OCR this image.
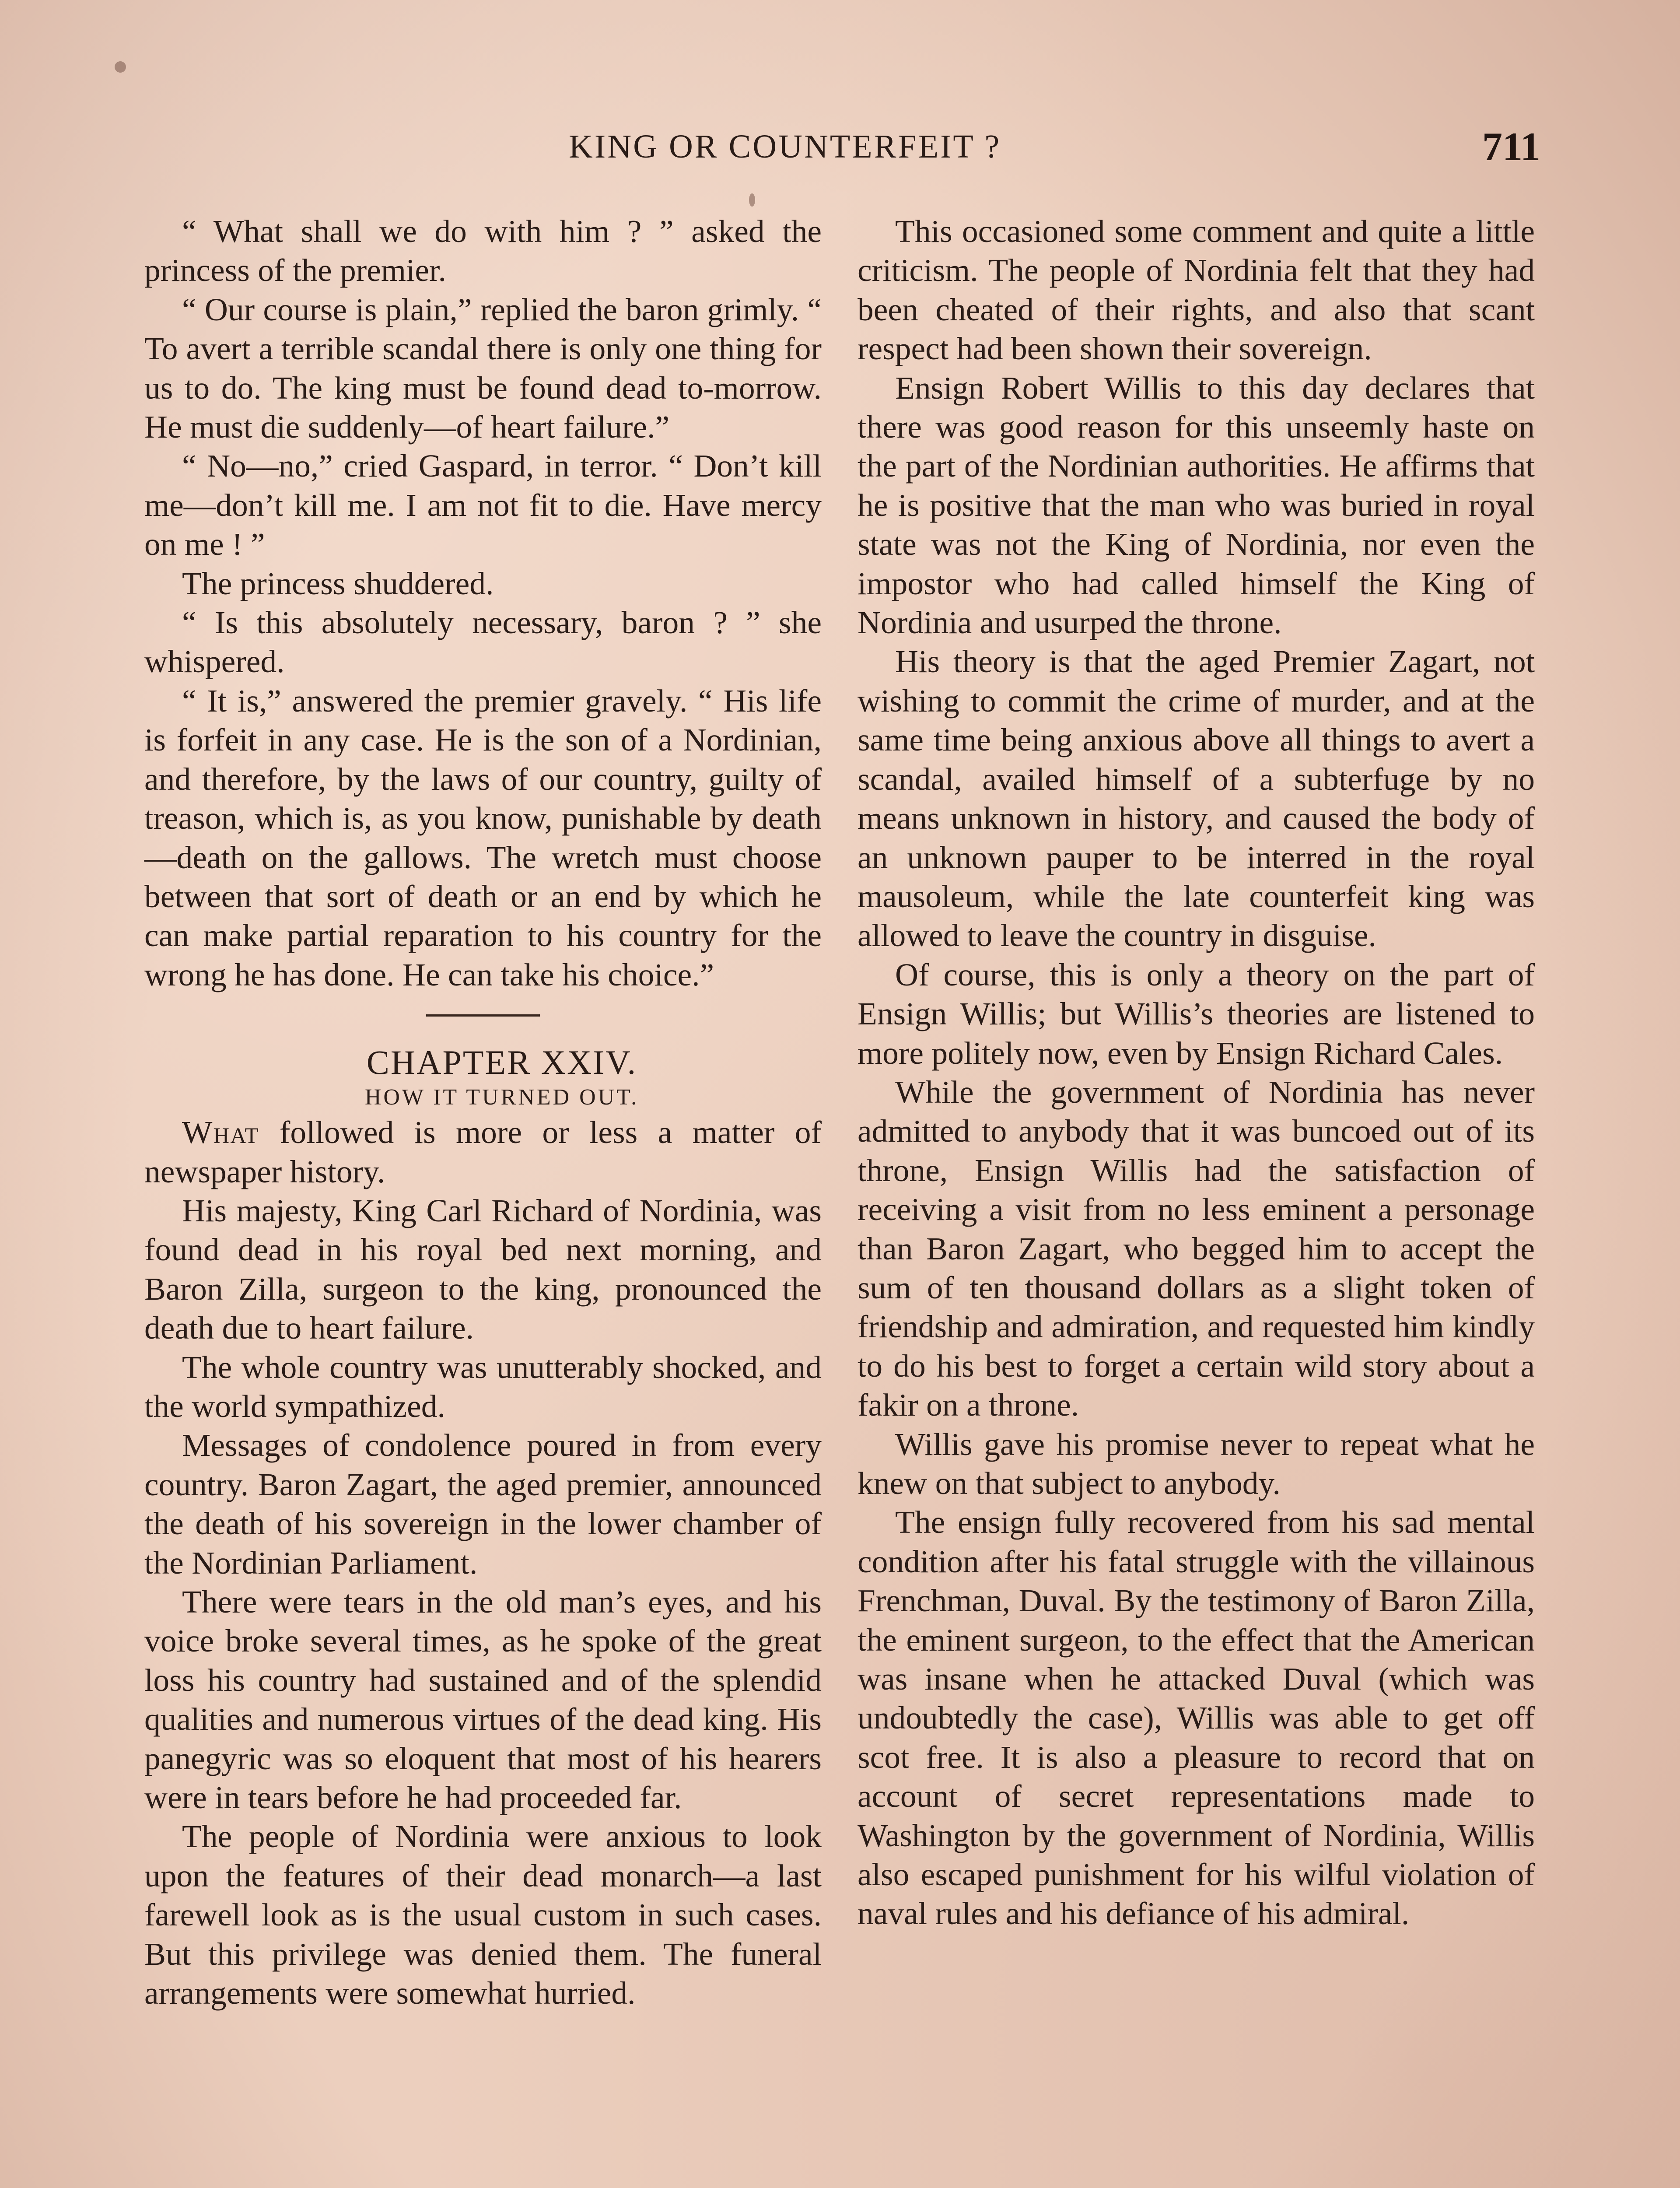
KING OR COUNTERFEIT ?	711

“ What shall we do with him ? ” asked the princess of the premier.

“ Our course is plain,” replied the baron grimly. “ To avert a terrible scandal there is only one thing for us to do. The king must be found dead to-morrow. He must die suddenly—of heart failure.”

“ No—no,” cried Gaspard, in terror. “ Don’t kill me—don’t kill me. I am not fit to die. Have mercy on me ! ”

The princess shuddered.

“ Is this absolutely necessary, baron ? ” she whispered.

“ It is,” answered the premier gravely. “ His life is forfeit in any case. He is the son of a Nordinian, and therefore, by the laws of our country, guilty of treason, which is, as you know, punishable by death—death on the gallows. The wretch must choose between that sort of death or an end by which he can make partial reparation to his country for the wrong he has done. He can take his choice.”

CHAPTER XXIV.

HOW IT TURNED OUT.

What followed is more or less a matter of newspaper history.

His majesty, King Carl Richard of Nordinia, was found dead in his royal bed next morning, and Baron Zilla, surgeon to the king, pronounced the death due to heart failure.

The whole country was unutterably shocked, and the world sympathized.

Messages of condolence poured in from every country. Baron Zagart, the aged premier, announced the death of his sovereign in the lower chamber of the Nordinian Parliament.

There were tears in the old man’s eyes, and his voice broke several times, as he spoke of the great loss his country had sustained and of the splendid qualities and numerous virtues of the dead king. His panegyric was so eloquent that most of his hearers were in tears before he had proceeded far.

The people of Nordinia were anxious to look upon the features of their dead monarch—a last farewell look as is the usual custom in such cases. But this privilege was denied them. The funeral arrangements were somewhat hurried.

This occasioned some comment and quite a little criticism. The people of Nordinia felt that they had been cheated of their rights, and also that scant respect had been shown their sovereign.

Ensign Robert Willis to this day declares that there was good reason for this unseemly haste on the part of the Nordinian authorities. He affirms that he is positive that the man who was buried in royal state was not the King of Nordinia, nor even the impostor who had called himself the King of Nordinia and usurped the throne.

His theory is that the aged Premier Zagart, not wishing to commit the crime of murder, and at the same time being anxious above all things to avert a scandal, availed himself of a subterfuge by no means unknown in history, and caused the body of an unknown pauper to be interred in the royal mausoleum, while the late counterfeit king was allowed to leave the country in disguise.

Of course, this is only a theory on the part of Ensign Willis; but Willis’s theories are listened to more politely now, even by Ensign Richard Cales.

While the government of Nordinia has never admitted to anybody that it was buncoed out of its throne, Ensign Willis had the satisfaction of receiving a visit from no less eminent a personage than Baron Zagart, who begged him to accept the sum of ten thousand dollars as a slight token of friendship and admiration, and requested him kindly to do his best to forget a certain wild story about a fakir on a throne.

Willis gave his promise never to repeat what he knew on that subject to anybody.

The ensign fully recovered from his sad mental condition after his fatal struggle with the villainous Frenchman, Duval. By the testimony of Baron Zilla, the eminent surgeon, to the effect that the American was insane when he attacked Duval (which was undoubtedly the case), Willis was able to get off scot free. It is also a pleasure to record that on account of secret representations made to Washington by the government of Nordinia, Willis also escaped punishment for his wilful violation of naval rules and his defiance of his admiral.
